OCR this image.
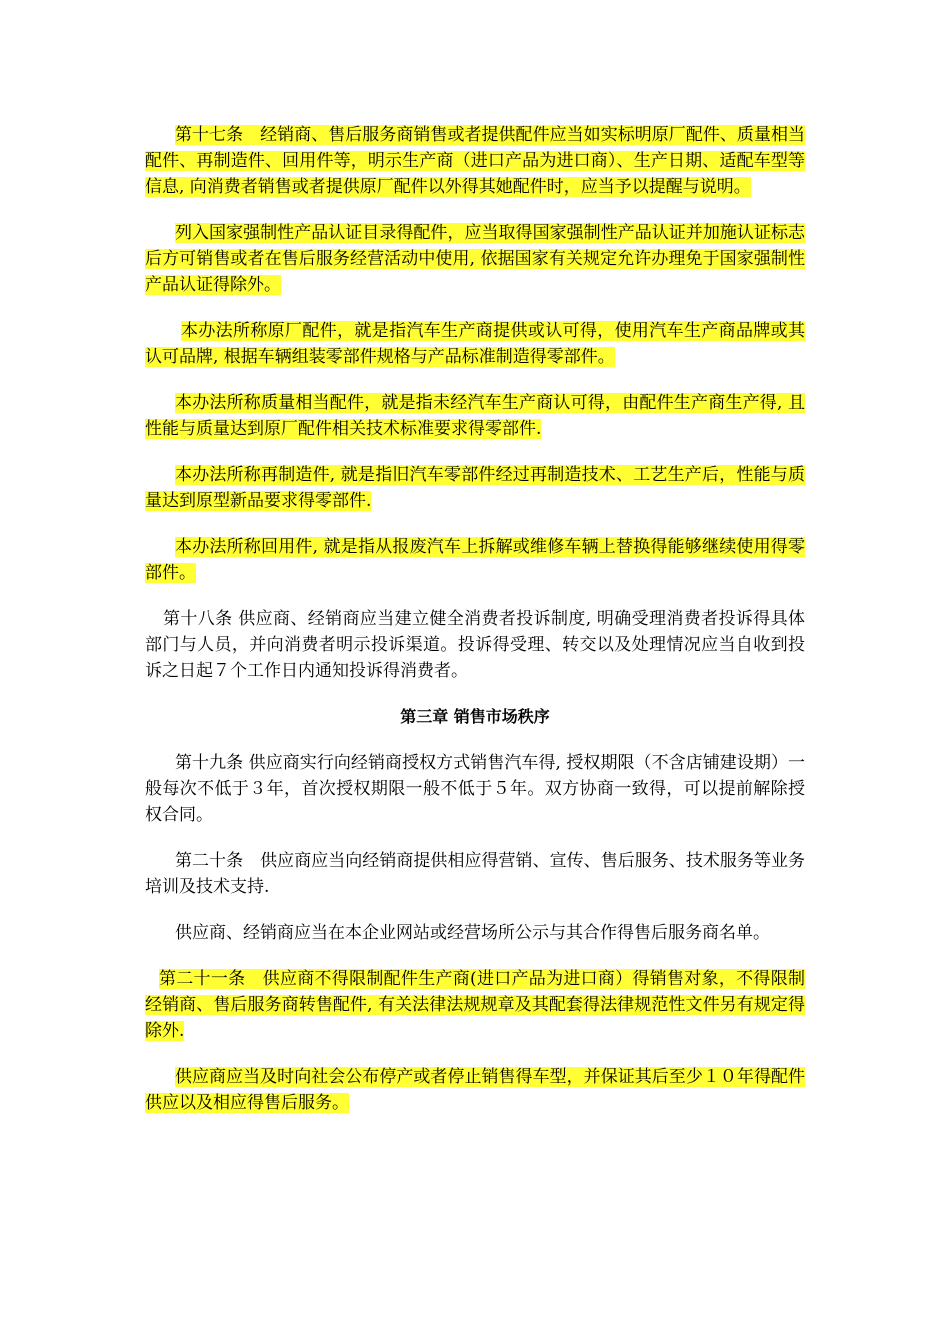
第十七条　经销商、售后服务商销售或者提供配件应当如实标明原厂配件、质量相当配件、再制造件、回用件等，明示生产商（进口产品为进口商）、生产日期、适配车型等信息, 向消费者销售或者提供原厂配件以外得其她配件时，应当予以提醒与说明。

列入国家强制性产品认证目录得配件，应当取得国家强制性产品认证并加施认证标志后方可销售或者在售后服务经营活动中使用, 依据国家有关规定允许办理免于国家强制性产品认证得除外。

本办法所称原厂配件，就是指汽车生产商提供或认可得，使用汽车生产商品牌或其认可品牌, 根据车辆组装零部件规格与产品标准制造得零部件。

本办法所称质量相当配件，就是指未经汽车生产商认可得，由配件生产商生产得, 且性能与质量达到原厂配件相关技术标准要求得零部件.

本办法所称再制造件, 就是指旧汽车零部件经过再制造技术、工艺生产后，性能与质量达到原型新品要求得零部件.

本办法所称回用件, 就是指从报废汽车上拆解或维修车辆上替换得能够继续使用得零部件。

第十八条 供应商、经销商应当建立健全消费者投诉制度, 明确受理消费者投诉得具体部门与人员，并向消费者明示投诉渠道。投诉得受理、转交以及处理情况应当自收到投诉之日起７个工作日内通知投诉得消费者。

第三章 销售市场秩序

第十九条 供应商实行向经销商授权方式销售汽车得, 授权期限（不含店铺建设期）一般每次不低于３年，首次授权期限一般不低于５年。双方协商一致得，可以提前解除授权合同。

第二十条　供应商应当向经销商提供相应得营销、宣传、售后服务、技术服务等业务培训及技术支持.

供应商、经销商应当在本企业网站或经营场所公示与其合作得售后服务商名单。

第二十一条　供应商不得限制配件生产商(进口产品为进口商）得销售对象，不得限制经销商、售后服务商转售配件, 有关法律法规规章及其配套得法律规范性文件另有规定得除外.

供应商应当及时向社会公布停产或者停止销售得车型，并保证其后至少１０年得配件供应以及相应得售后服务。
